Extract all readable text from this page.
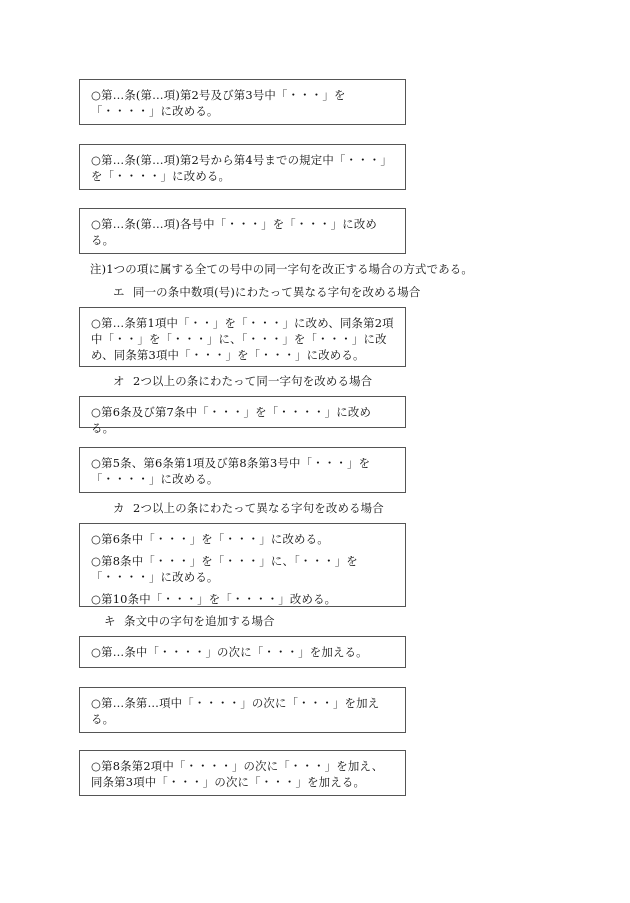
○第…条(第…項)第2号及び第3号中「・・・」を「・・・・」に改める。

○第…条(第…項)第2号から第4号までの規定中「・・・」を「・・・・」に改める。

○第…条(第…項)各号中「・・・」を「・・・」に改める。

注)1つの項に属する全ての号中の同一字句を改正する場合の方式である。
エ 同一の条中数項(号)にわたって異なる字句を改める場合

○第…条第1項中「・・」を「・・・」に改め、同条第2項中「・・」を「・・・」に、「・・・」を「・・・」に改め、同条第3項中「・・・」を「・・・」に改める。

オ 2つ以上の条にわたって同一字句を改める場合

○第6条及び第7条中「・・・」を「・・・・」に改める。

○第5条、第6条第1項及び第8条第3号中「・・・」を「・・・・」に改める。

カ 2つ以上の条にわたって異なる字句を改める場合

○第6条中「・・・」を「・・・」に改める。

○第8条中「・・・」を「・・・」に、「・・・」を「・・・・」に改める。

○第10条中「・・・」を「・・・・」改める。

キ 条文中の字句を追加する場合

○第…条中「・・・・」の次に「・・・」を加える。

○第…条第…項中「・・・・」の次に「・・・」を加える。

○第8条第2項中「・・・・」の次に「・・・」を加え、同条第3項中「・・・」の次に「・・・」を加える。
